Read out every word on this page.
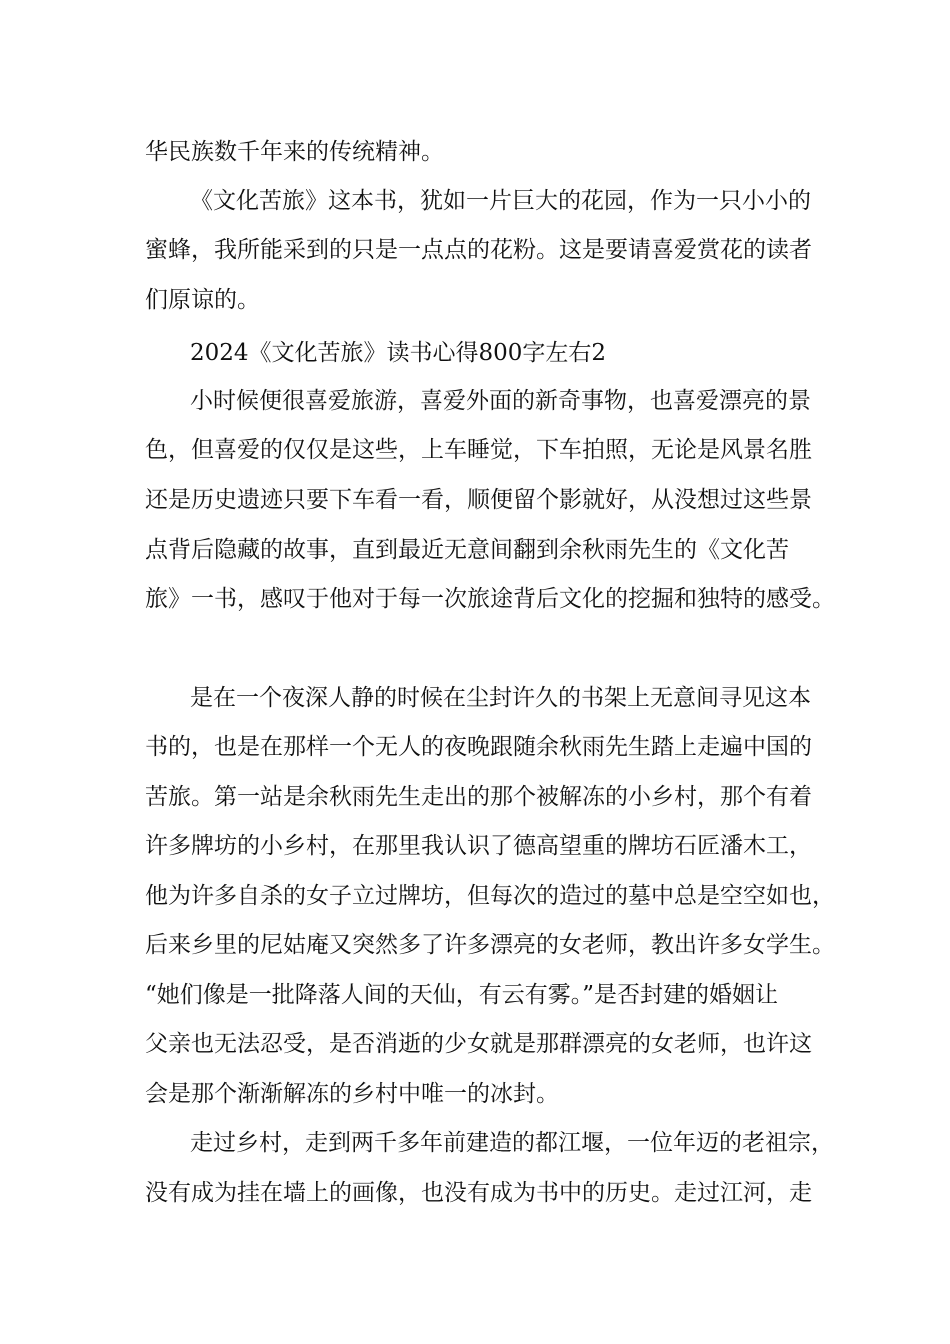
华民族数千年来的传统精神。
《文化苦旅》这本书，犹如一片巨大的花园，作为一只小小的
蜜蜂，我所能采到的只是一点点的花粉。这是要请喜爱赏花的读者
们原谅的。
2024《文化苦旅》读书心得800字左右2
小时候便很喜爱旅游，喜爱外面的新奇事物，也喜爱漂亮的景
色，但喜爱的仅仅是这些，上车睡觉，下车拍照，无论是风景名胜
还是历史遗迹只要下车看一看，顺便留个影就好，从没想过这些景
点背后隐藏的故事，直到最近无意间翻到余秋雨先生的《文化苦
旅》一书，感叹于他对于每一次旅途背后文化的挖掘和独特的感受。
是在一个夜深人静的时候在尘封许久的书架上无意间寻见这本
书的，也是在那样一个无人的夜晚跟随余秋雨先生踏上走遍中国的
苦旅。第一站是余秋雨先生走出的那个被解冻的小乡村，那个有着
许多牌坊的小乡村，在那里我认识了德高望重的牌坊石匠潘木工，
他为许多自杀的女子立过牌坊，但每次的造过的墓中总是空空如也，
后来乡里的尼姑庵又突然多了许多漂亮的女老师，教出许多女学生。
“她们像是一批降落人间的天仙，有云有雾。”是否封建的婚姻让
父亲也无法忍受，是否消逝的少女就是那群漂亮的女老师，也许这
会是那个渐渐解冻的乡村中唯一的冰封。
走过乡村，走到两千多年前建造的都江堰，一位年迈的老祖宗，
没有成为挂在墙上的画像，也没有成为书中的历史。走过江河，走
